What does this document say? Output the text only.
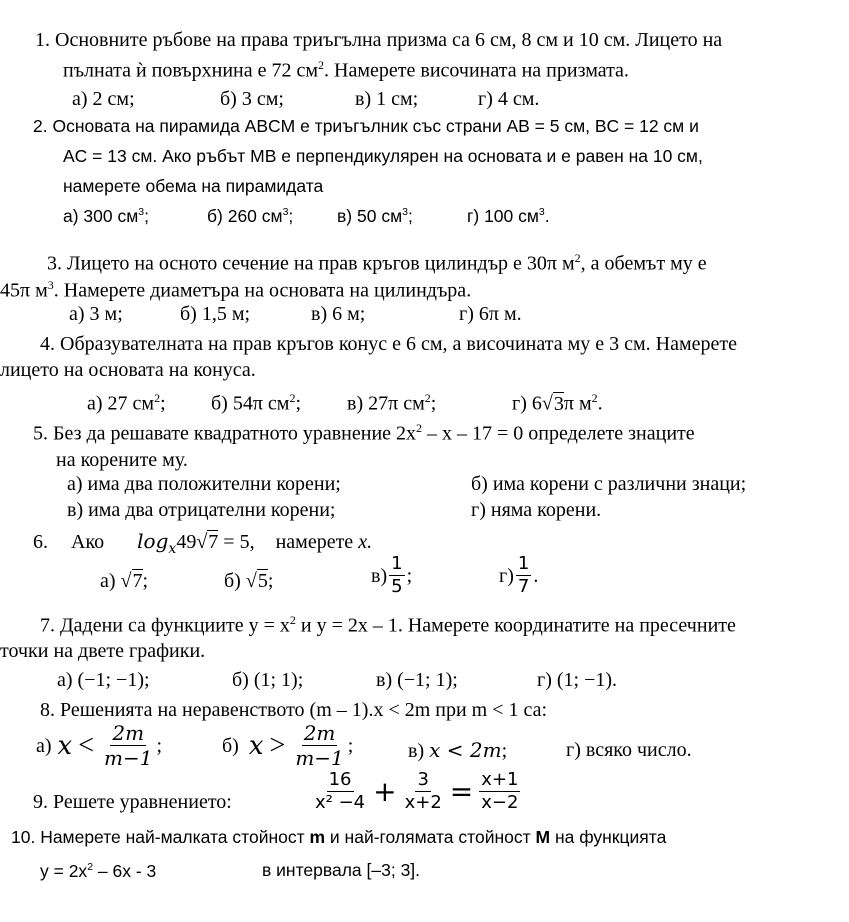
1. Основните ръбове на права триъгълна призма са 6 см, 8 см и 10 см. Лицето на
пълната ѝ повърхнина е 72 $см^2$. Намерете височината на призмата.
а) 2 см;	б) 3 см;	в) 1 см;	г) 4 см.
2. Основата на пирамида ABCM е триъгълник със страни AB = 5 см, BC = 12 см и
AC = 13 см. Ако ръбът MB е перпендикулярен на основата и е равен на 10 см,
намерете обема на пирамидата
а) 300 $см^3$;	б) 260 $см^3$; в) 50 $см^3$;	г) 100 $см^3$.
3. Лицето на осното сечение на прав кръгов цилиндър е 30π $м^2$, а обемът му е
45π $м^3$. Намерете диаметъра на основата на цилиндъра.
а) 3 м;	б) 1,5 м;	в) 6 м;	г) 6π м.
4. Образувателната на прав кръгов конус е 6 см, а височината му е 3 см. Намерете
лицето на основата на конуса.
а) 27 $см^2$; б) 54π $см^2$; в) 27π $см^2$;	г) 6√3π $м^2$.
5. Без да решавате квадратното уравнение $2x^2 - x - 17 = 0$ определете знаците
на корените му.
а) има два положителни корени;	б) има корени с различни знаци;
в) има два отрицателни корени;	г) няма корени.
6. Ако $\log_x49√7 = 5$, намерете x.
а) √7;	б) √5;	$в) \frac{1}{5}$ ;	$г) \frac{1}{7}$ .
7. Дадени са функциите $y = x^2$ и y = 2x – 1. Намерете координатите на пресечните
точки на двете графики.
а) (−1; −1);	б) (1; 1);	в) (−1; 1);	г) (1; −1).
8. Решенията на неравенството (m – 1).x < 2m при m < 1 са:
а) $x < \frac{2m}{m-1}$ ;	б) $x > \frac{2m}{m-1}$ ;	в) x < 2m;	г) всяко число.
9. Решете уравнението:	$\frac{16}{\text{x² −4}} + \frac{3}{x+2} = \frac{x+1}{x-2}$
10. Намерете най-малката стойност m и най-голямата стойност M на функцията
$y = 2x^2 - 6x - 3$	в интервала [–3; 3].
